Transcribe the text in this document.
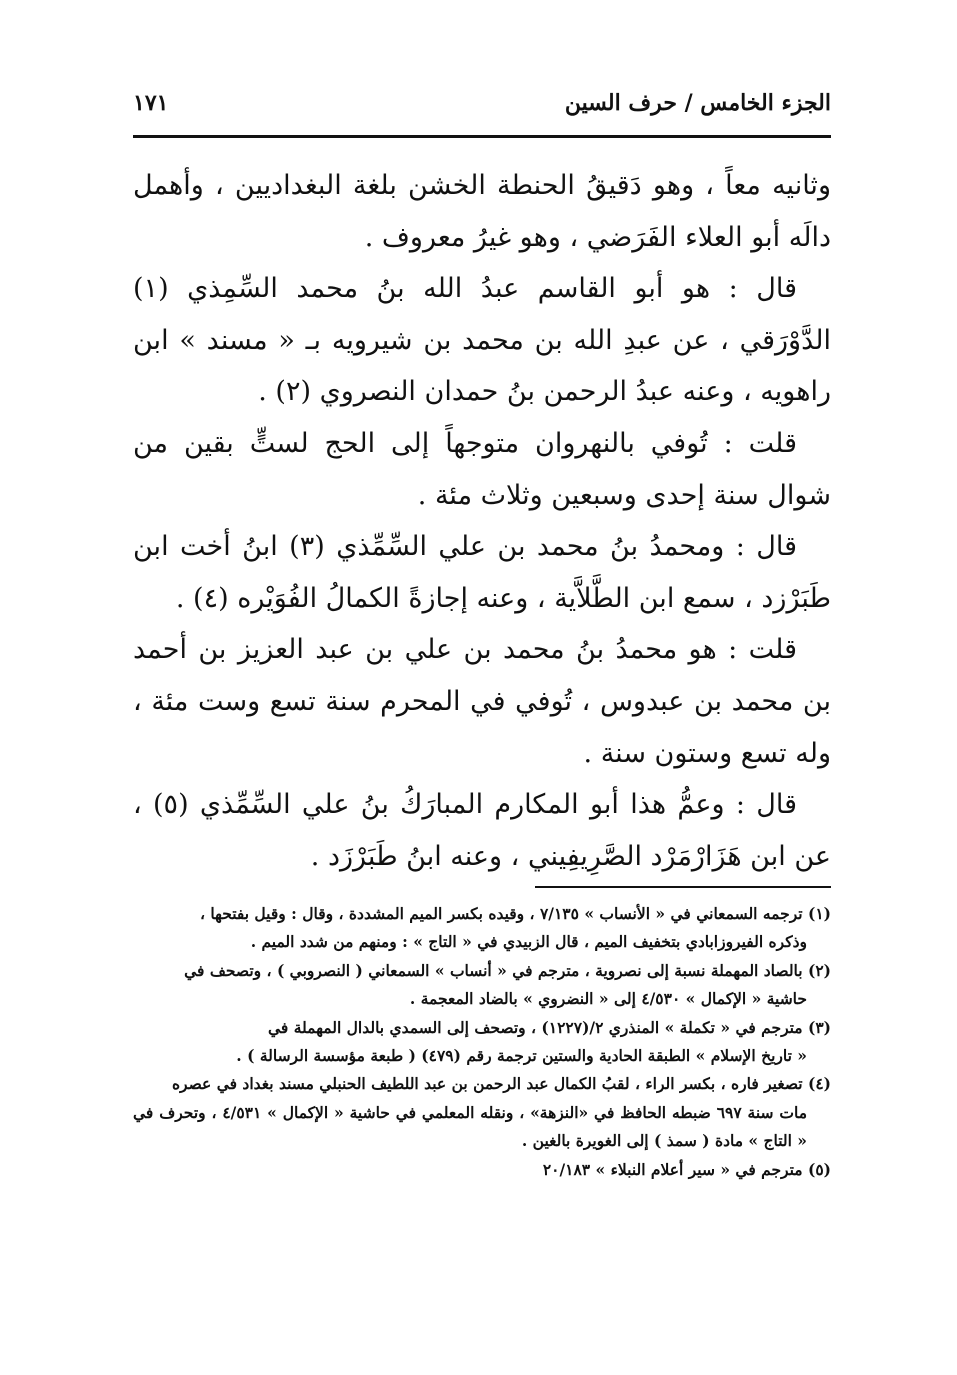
الجزء الخامس / حرف السين
١٧١

وثانيه معاً ، وهو دَقيقُ الحنطة الخشن بلغة البغداديين ، وأهمل دالَه أبو العلاء الفَرَضي ، وهو غيرُ معروف .

قال : هو أبو القاسم عبدُ الله بنُ محمد السِّمِذي (١) الدَّوْرَقي ، عن عبدِ الله بن محمد بن شيرويه بـ « مسند » ابن راهويه ، وعنه عبدُ الرحمن بنُ حمدان النصروي (٢) .

قلت : تُوفي بالنهروان متوجهاً إلى الحج لستٍّ بقين من شوال سنة إحدى وسبعين وثلاث مئة .

قال : ومحمدُ بنُ محمد بن علي السِّمِّذي (٣) ابنُ أخت ابن طَبَرْزد ، سمع ابن الطَّلاَّية ، وعنه إجازةً الكمالُ الفُوَيْره (٤) .

قلت : هو محمدُ بنُ محمد بن علي بن عبد العزيز بن أحمد بن محمد بن عبدوس ، تُوفي في المحرم سنة تسع وست مئة ، وله تسع وستون سنة .

قال : وعمُّ هذا أبو المكارم المبارَكُ بنُ علي السِّمِّذي (٥) ، عن ابن هَزَارْمَرْد الصَّرِيفِيني ، وعنه ابنُ طَبَرْزَد .

(١) ترجمه السمعاني في « الأنساب » ٧/١٣٥ ، وقيده بكسر الميم المشددة ، وقال : وقيل بفتحها ،
وذكره الفيروزابادي بتخفيف الميم ، قال الزبيدي في « التاج » : ومنهم من شدد الميم .
(٢) بالصاد المهملة نسبة إلى نصروية ، مترجم في « أنساب » السمعاني ( النصروبي ) ، وتصحف في
حاشية « الإكمال » ٤/٥٣٠ إلى « النضروي » بالضاد المعجمة .
(٣) مترجم في « تكملة » المنذري ٢/(١٢٢٧) ، وتصحف إلى السمدي بالدال المهملة في
« تاريخ الإسلام » الطبقة الحادية والستين ترجمة رقم (٤٧٩) ( طبعة مؤسسة الرسالة ) .
(٤) تصغير فاره ، بكسر الراء ، لقبُ الكمال عبد الرحمن بن عبد اللطيف الحنبلي مسند بغداد في عصره
مات سنة ٦٩٧ ضبطه الحافظ في «النزهة» ، ونقله المعلمي في حاشية « الإكمال » ٤/٥٣١ ، وتحرف في « التاج » مادة ( سمذ ) إلى الغويرة بالغين .
(٥) مترجم في « سير أعلام النبلاء » ٢٠/١٨٣
